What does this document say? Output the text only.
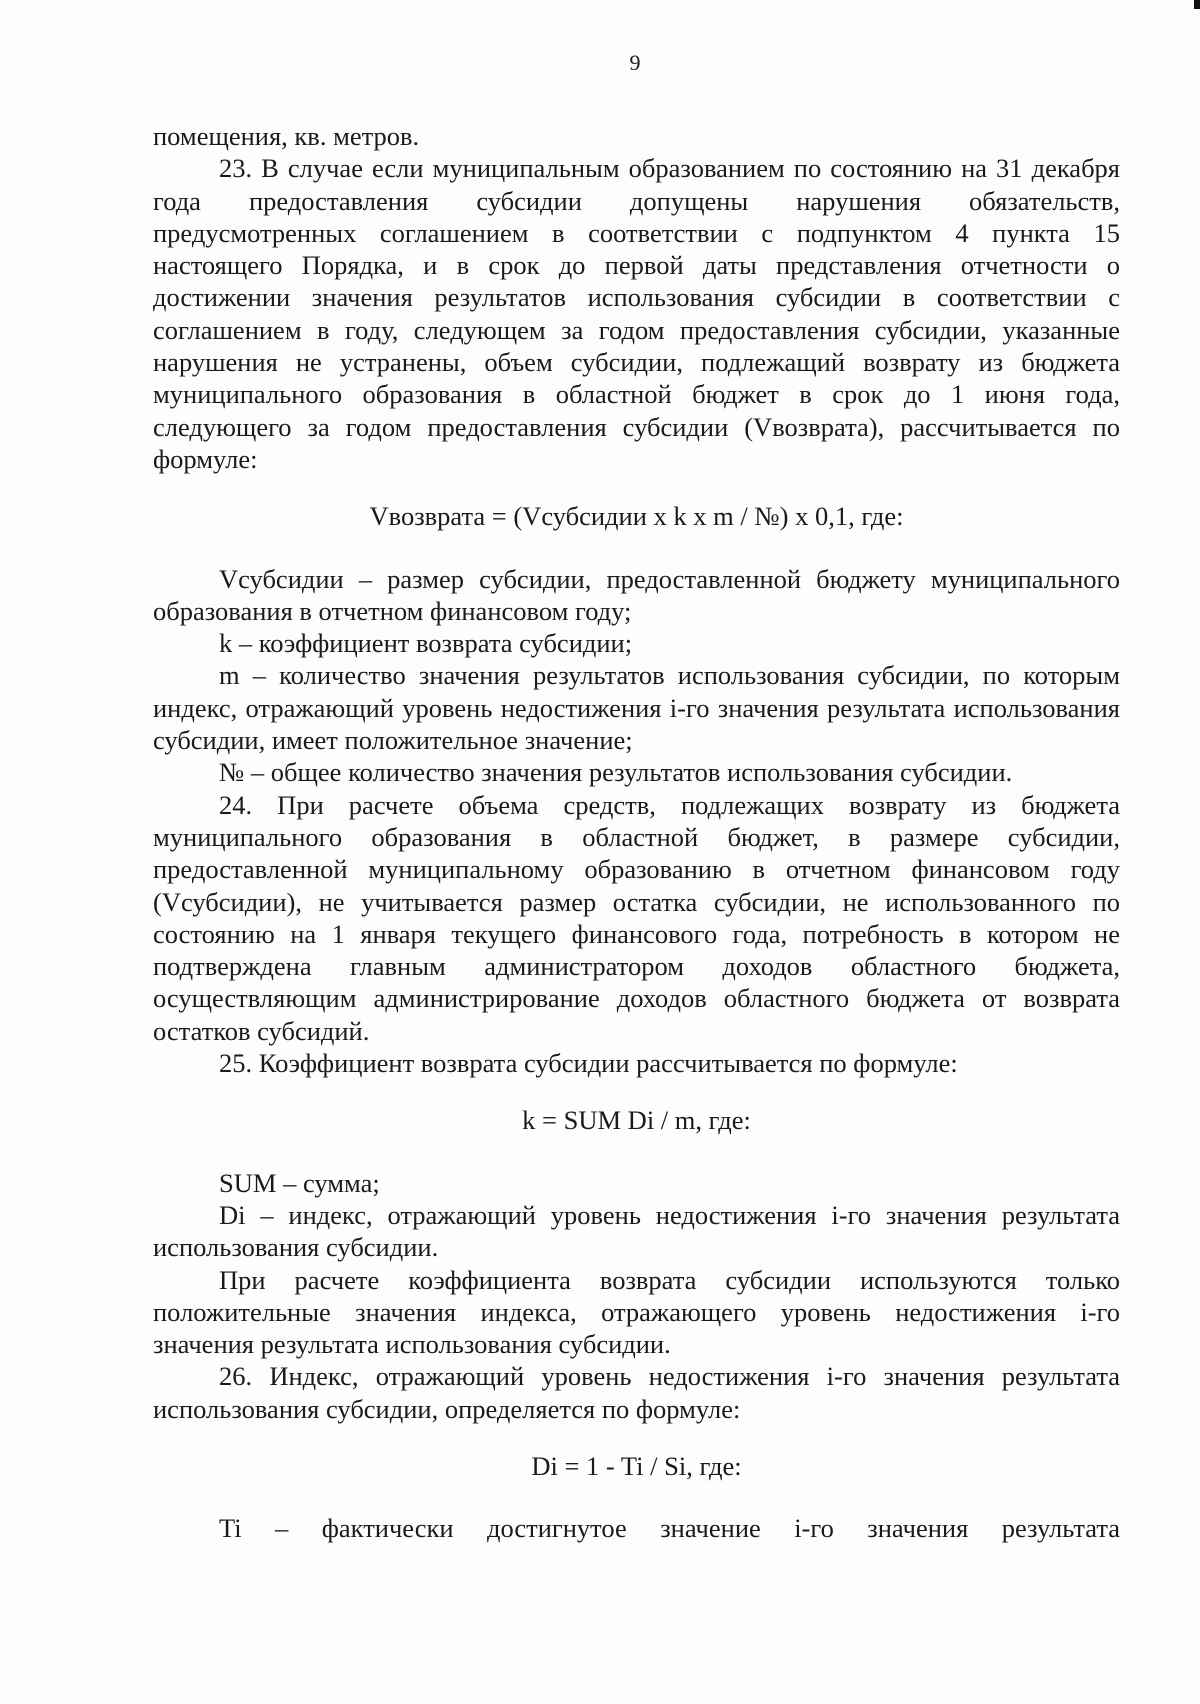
9

помещения, кв. метров.

23. В случае если муниципальным образованием по состоянию на 31 декабря года предоставления субсидии допущены нарушения обязательств, предусмотренных соглашением в соответствии с подпунктом 4 пункта 15 настоящего Порядка, и в срок до первой даты представления отчетности о достижении значения результатов использования субсидии в соответствии с соглашением в году, следующем за годом предоставления субсидии, указанные нарушения не устранены, объем субсидии, подлежащий возврату из бюджета муниципального образования в областной бюджет в срок до 1 июня года, следующего за годом предоставления субсидии (Vвозврата), рассчитывается по формуле:

Vвозврата = (Vсубсидии x k x m / №) x 0,1, где:

Vсубсидии – размер субсидии, предоставленной бюджету муниципального образования в отчетном финансовом году;

k – коэффициент возврата субсидии;

m – количество значения результатов использования субсидии, по которым индекс, отражающий уровень недостижения i-го значения результата использования субсидии, имеет положительное значение;

№ – общее количество значения результатов использования субсидии.

24. При расчете объема средств, подлежащих возврату из бюджета муниципального образования в областной бюджет, в размере субсидии, предоставленной муниципальному образованию в отчетном финансовом году (Vсубсидии), не учитывается размер остатка субсидии, не использованного по состоянию на 1 января текущего финансового года, потребность в котором не подтверждена главным администратором доходов областного бюджета, осуществляющим администрирование доходов областного бюджета от возврата остатков субсидий.

25. Коэффициент возврата субсидии рассчитывается по формуле:

k = SUM Di / m, где:

SUM – сумма;

Di – индекс, отражающий уровень недостижения i-го значения результата использования субсидии.

При расчете коэффициента возврата субсидии используются только положительные значения индекса, отражающего уровень недостижения i-го значения результата использования субсидии.

26. Индекс, отражающий уровень недостижения i-го значения результата использования субсидии, определяется по формуле:

Di = 1 - Ti / Si, где:

Ti – фактически достигнутое значение i-го значения результата
